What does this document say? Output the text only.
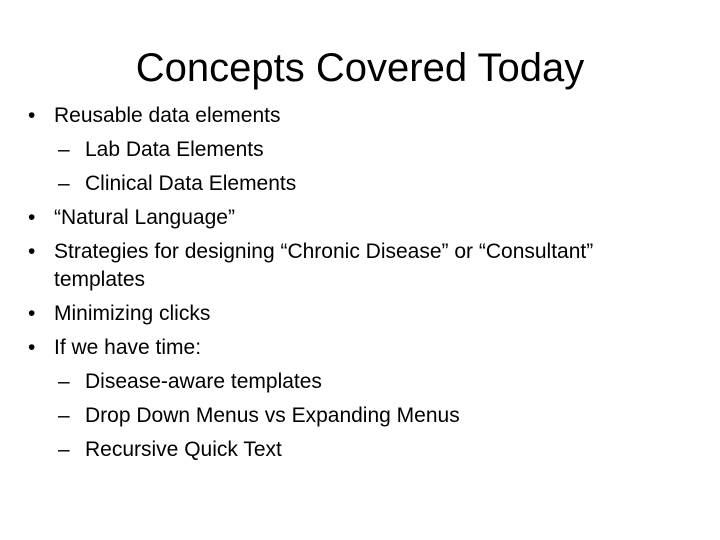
Concepts Covered Today
• Reusable data elements
– Lab Data Elements
– Clinical Data Elements
• “Natural Language”
• Strategies for designing “Chronic Disease” or “Consultant” templates
• Minimizing clicks
• If we have time:
– Disease-aware templates
– Drop Down Menus vs Expanding Menus
– Recursive Quick Text
